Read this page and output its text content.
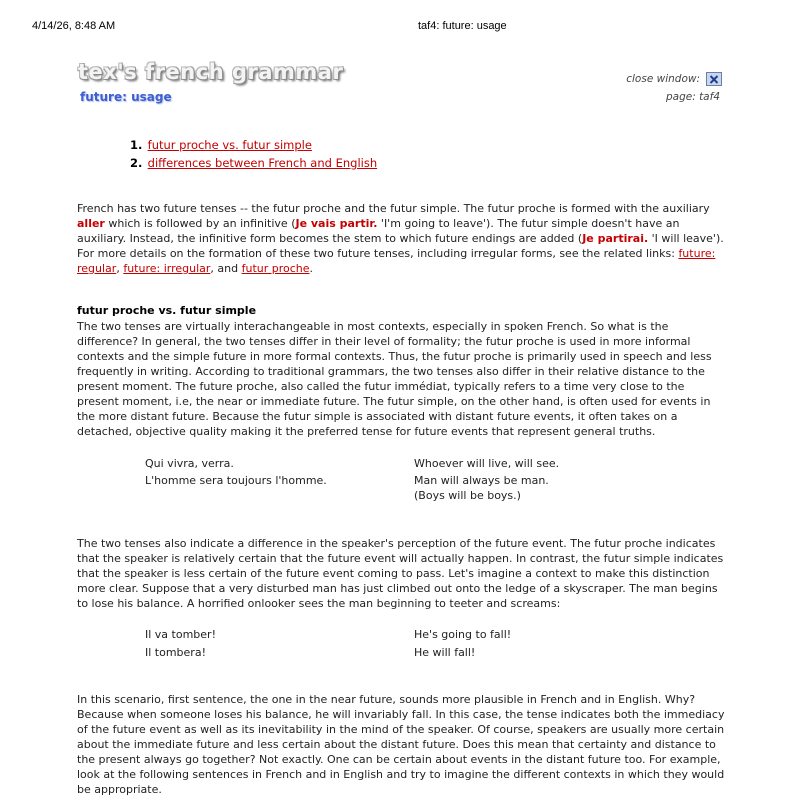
4/14/26, 8:48 AM	taf4: future: usage
tex's french grammar
future: usage
close window:
page: taf4
1. futur proche vs. futur simple
2. differences between French and English

French has two future tenses -- the futur proche and the futur simple. The futur proche is formed with the auxiliary aller which is followed by an infinitive (Je vais partir. 'I'm going to leave'). The futur simple doesn't have an auxiliary. Instead, the infinitive form becomes the stem to which future endings are added (Je partirai. 'I will leave'). For more details on the formation of these two future tenses, including irregular forms, see the related links: future: regular, future: irregular, and futur proche.

futur proche vs. futur simple

The two tenses are virtually interachangeable in most contexts, especially in spoken French. So what is the difference? In general, the two tenses differ in their level of formality; the futur proche is used in more informal contexts and the simple future in more formal contexts. Thus, the futur proche is primarily used in speech and less frequently in writing. According to traditional grammars, the two tenses also differ in their relative distance to the present moment. The future proche, also called the futur immédiat, typically refers to a time very close to the present moment, i.e, the near or immediate future. The futur simple, on the other hand, is often used for events in the more distant future. Because the futur simple is associated with distant future events, it often takes on a detached, objective quality making it the preferred tense for future events that represent general truths.

Qui vivra, verra.	Whoever will live, will see.

L'homme sera toujours l'homme.	Man will always be man.

(Boys will be boys.)

The two tenses also indicate a difference in the speaker's perception of the future event. The futur proche indicates that the speaker is relatively certain that the future event will actually happen. In contrast, the futur simple indicates that the speaker is less certain of the future event coming to pass. Let's imagine a context to make this distinction more clear. Suppose that a very disturbed man has just climbed out onto the ledge of a skyscraper. The man begins to lose his balance. A horrified onlooker sees the man beginning to teeter and screams:

Il va tomber!	He's going to fall!

Il tombera!	He will fall!

In this scenario, first sentence, the one in the near future, sounds more plausible in French and in English. Why? Because when someone loses his balance, he will invariably fall. In this case, the tense indicates both the immediacy of the future event as well as its inevitability in the mind of the speaker. Of course, speakers are usually more certain about the immediate future and less certain about the distant future. Does this mean that certainty and distance to the present always go together? Not exactly. One can be certain about events in the distant future too. For example, look at the following sentences in French and in English and try to imagine the different contexts in which they would be appropriate.
